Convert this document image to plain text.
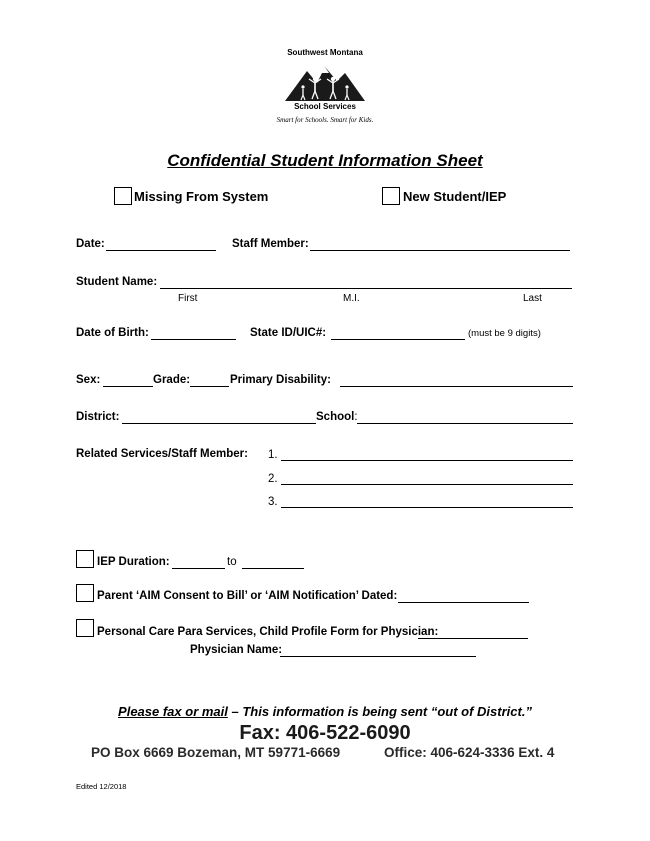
Southwest Montana
School Services
Smart for Schools. Smart for Kids.
Confidential Student Information Sheet
Missing From System	New Student/IEP
Date:	Staff Member:
Student Name:
First	M.I.	Last
Date of Birth:	State ID/UIC#:	(must be 9 digits)
Sex:	Grade:	Primary Disability:
District:	School:
Related Services/Staff Member: 1.
2.
3.
IEP Duration:	to
Parent ‘AIM Consent to Bill’ or ‘AIM Notification’ Dated:
Personal Care Para Services, Child Profile Form for Physician:
Physician Name:
Please fax or mail – This information is being sent “out of District.”
Fax: 406-522-6090
PO Box 6669 Bozeman, MT 59771-6669	Office: 406-624-3336 Ext. 4
Edited 12/2018
